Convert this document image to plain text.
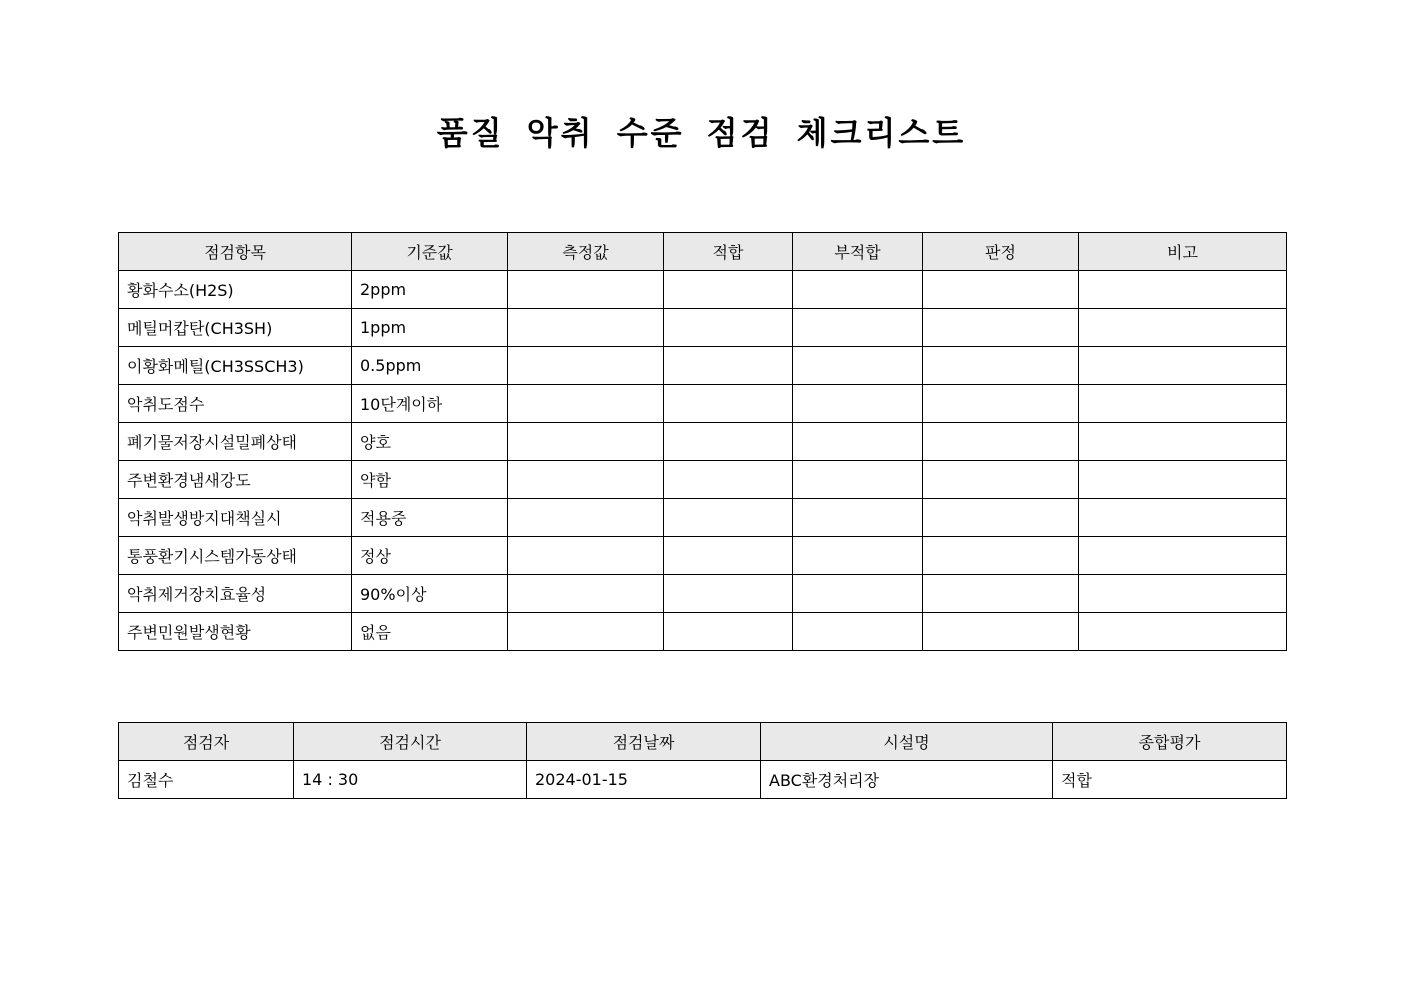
품질 악취 수준 점검 체크리스트
점검항목	기준값	측정값	적합	부적합	판정	비고
황화수소(H2S)	2ppm					
메틸머캅탄(CH3SH)	1ppm					
이황화메틸(CH3SSCH3)	0.5ppm					
악취도점수	10단계이하					
폐기물저장시설밀폐상태	양호					
주변환경냄새강도	약함					
악취발생방지대책실시	적용중					
통풍환기시스템가동상태	정상					
악취제거장치효율성	90%이상					
주변민원발생현황	없음					
점검자	점검시간	점검날짜	시설명	종합평가
김철수	14 : 30	2024-01-15	ABC환경처리장	적합
